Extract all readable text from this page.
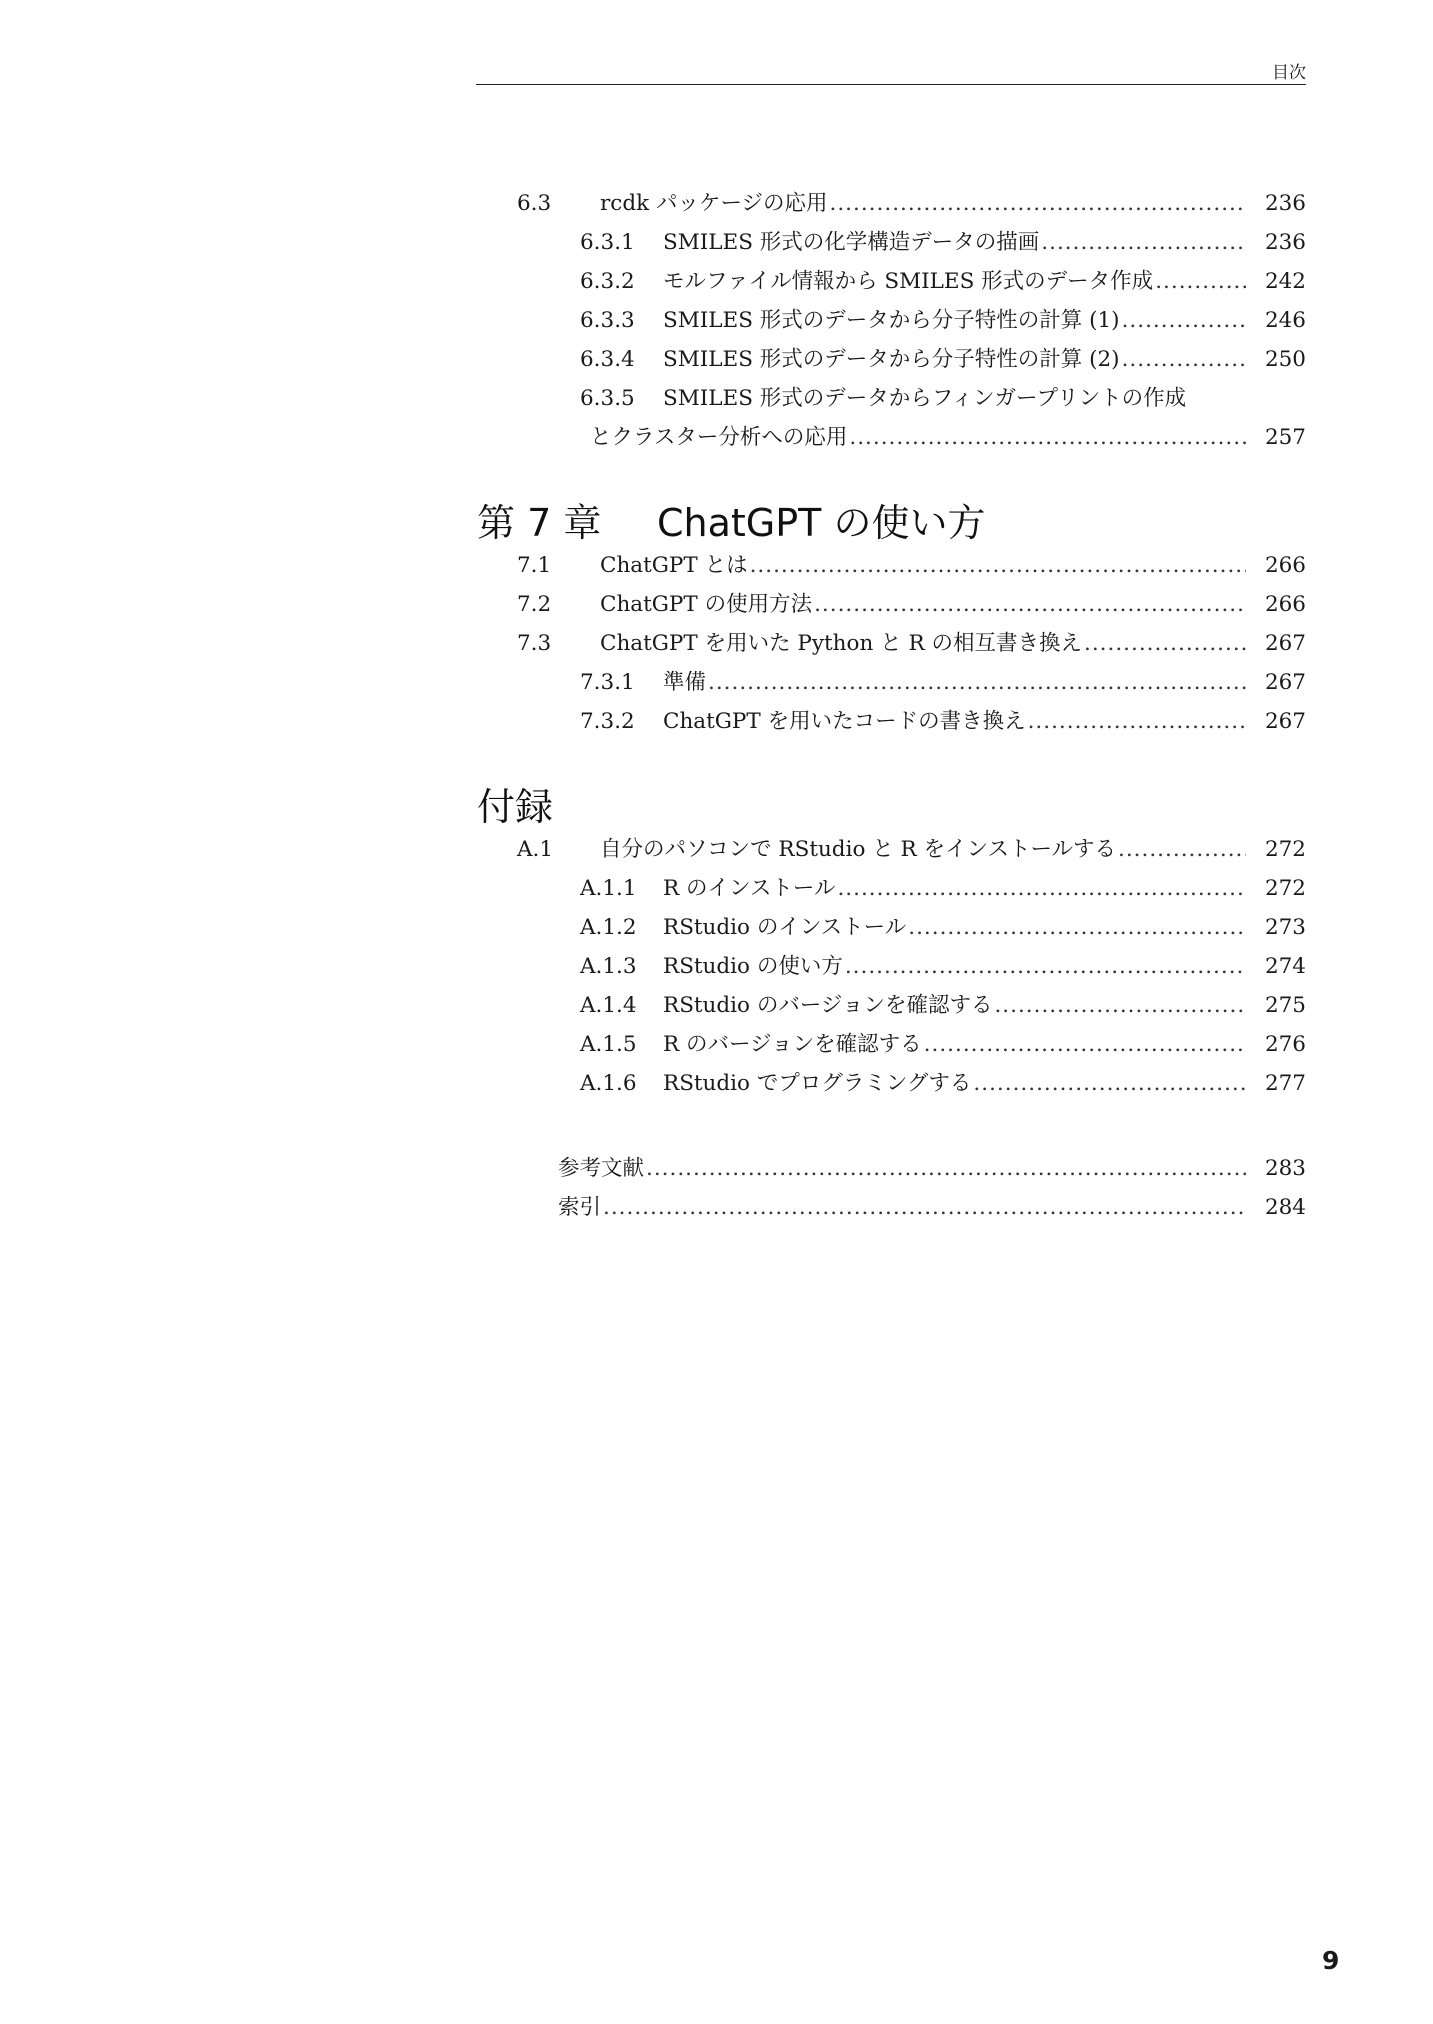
目次
6.3 rcdk パッケージの応用 .....	236
6.3.1 SMILES 形式の化学構造データの描画 .....	236
6.3.2 モルファイル情報から SMILES 形式のデータ作成 .....	242
6.3.3 SMILES 形式のデータから分子特性の計算 (1) .....	246
6.3.4 SMILES 形式のデータから分子特性の計算 (2) .....	250
6.3.5 SMILES 形式のデータからフィンガープリントの作成
とクラスター分析への応用 .....	257
第 7 章 ChatGPT の使い方
7.1 ChatGPT とは .....	266
7.2 ChatGPT の使用方法 .....	266
7.3 ChatGPT を用いた Python と R の相互書き換え .....	267
7.3.1 準備 .....	267
7.3.2 ChatGPT を用いたコードの書き換え .....	267
付録
A.1 自分のパソコンで RStudio と R をインストールする .....	272
A.1.1 R のインストール .....	272
A.1.2 RStudio のインストール .....	273
A.1.3 RStudio の使い方 .....	274
A.1.4 RStudio のバージョンを確認する .....	275
A.1.5 R のバージョンを確認する .....	276
A.1.6 RStudio でプログラミングする .....	277
参考文献 .....	283
索引 .....	284
9
